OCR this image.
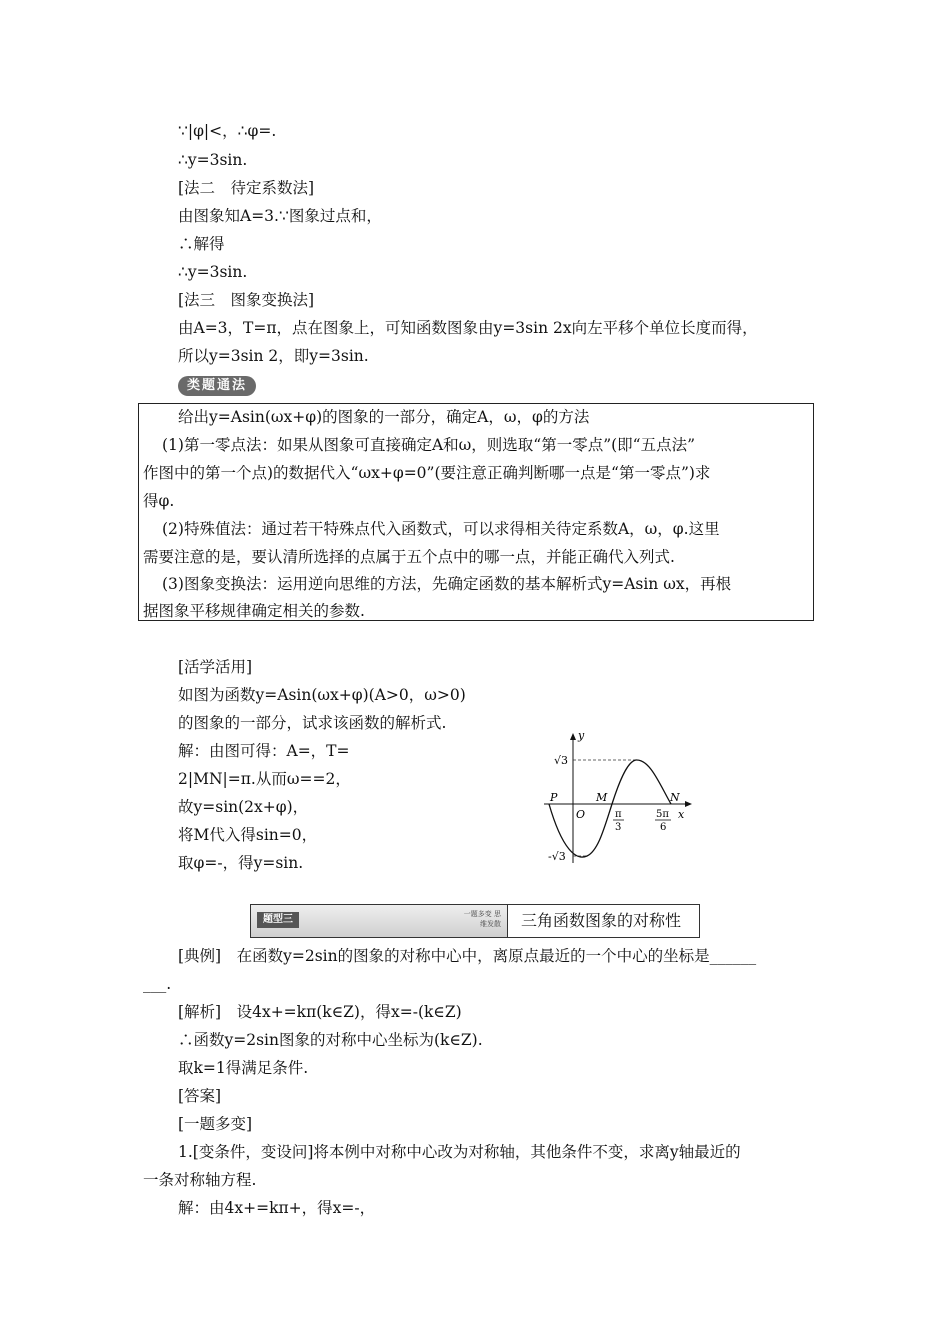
∵|φ|<，∴φ=.
∴y=3sin.
[法二　待定系数法]
由图象知A=3.∵图象过点和，
∴解得
∴y=3sin.
[法三　图象变换法]
由A=3，T=π，点在图象上，可知函数图象由y=3sin 2x向左平移个单位长度而得，
所以y=3sin 2，即y=3sin.
类题通法
给出y=Asin(ωx+φ)的图象的一部分，确定A，ω，φ的方法
(1)第一零点法：如果从图象可直接确定A和ω，则选取“第一零点”(即“五点法”
作图中的第一个点)的数据代入“ωx+φ=0”(要注意正确判断哪一点是“第一零点”)求
得φ.
(2)特殊值法：通过若干特殊点代入函数式，可以求得相关待定系数A，ω，φ.这里
需要注意的是，要认清所选择的点属于五个点中的哪一点，并能正确代入列式.
(3)图象变换法：运用逆向思维的方法，先确定函数的基本解析式y=Asin ωx，再根
据图象平移规律确定相关的参数.
[活学活用]
如图为函数y=Asin(ωx+φ)(A>0，ω>0)
的图象的一部分，试求该函数的解析式.
解：由图可得：A=，T=
2|MN|=π.从而ω==2，
故y=sin(2x+φ)，
将M代入得sin=0，
取φ=-，得y=sin.
y
x
√3
-√3
P
O
M	N
π
3
5π
6
题型三	一题多变 思维发散 三角函数图象的对称性
[典例]　在函数y=2sin的图象的对称中心中，离原点最近的一个中心的坐标是______
___.
[解析]　设4x+=kπ(k∈Z)，得x=-(k∈Z)
∴函数y=2sin图象的对称中心坐标为(k∈Z).
取k=1得满足条件.
[答案]
[一题多变]
1.[变条件，变设问]将本例中对称中心改为对称轴，其他条件不变，求离y轴最近的
一条对称轴方程.
解：由4x+=kπ+，得x=-，
